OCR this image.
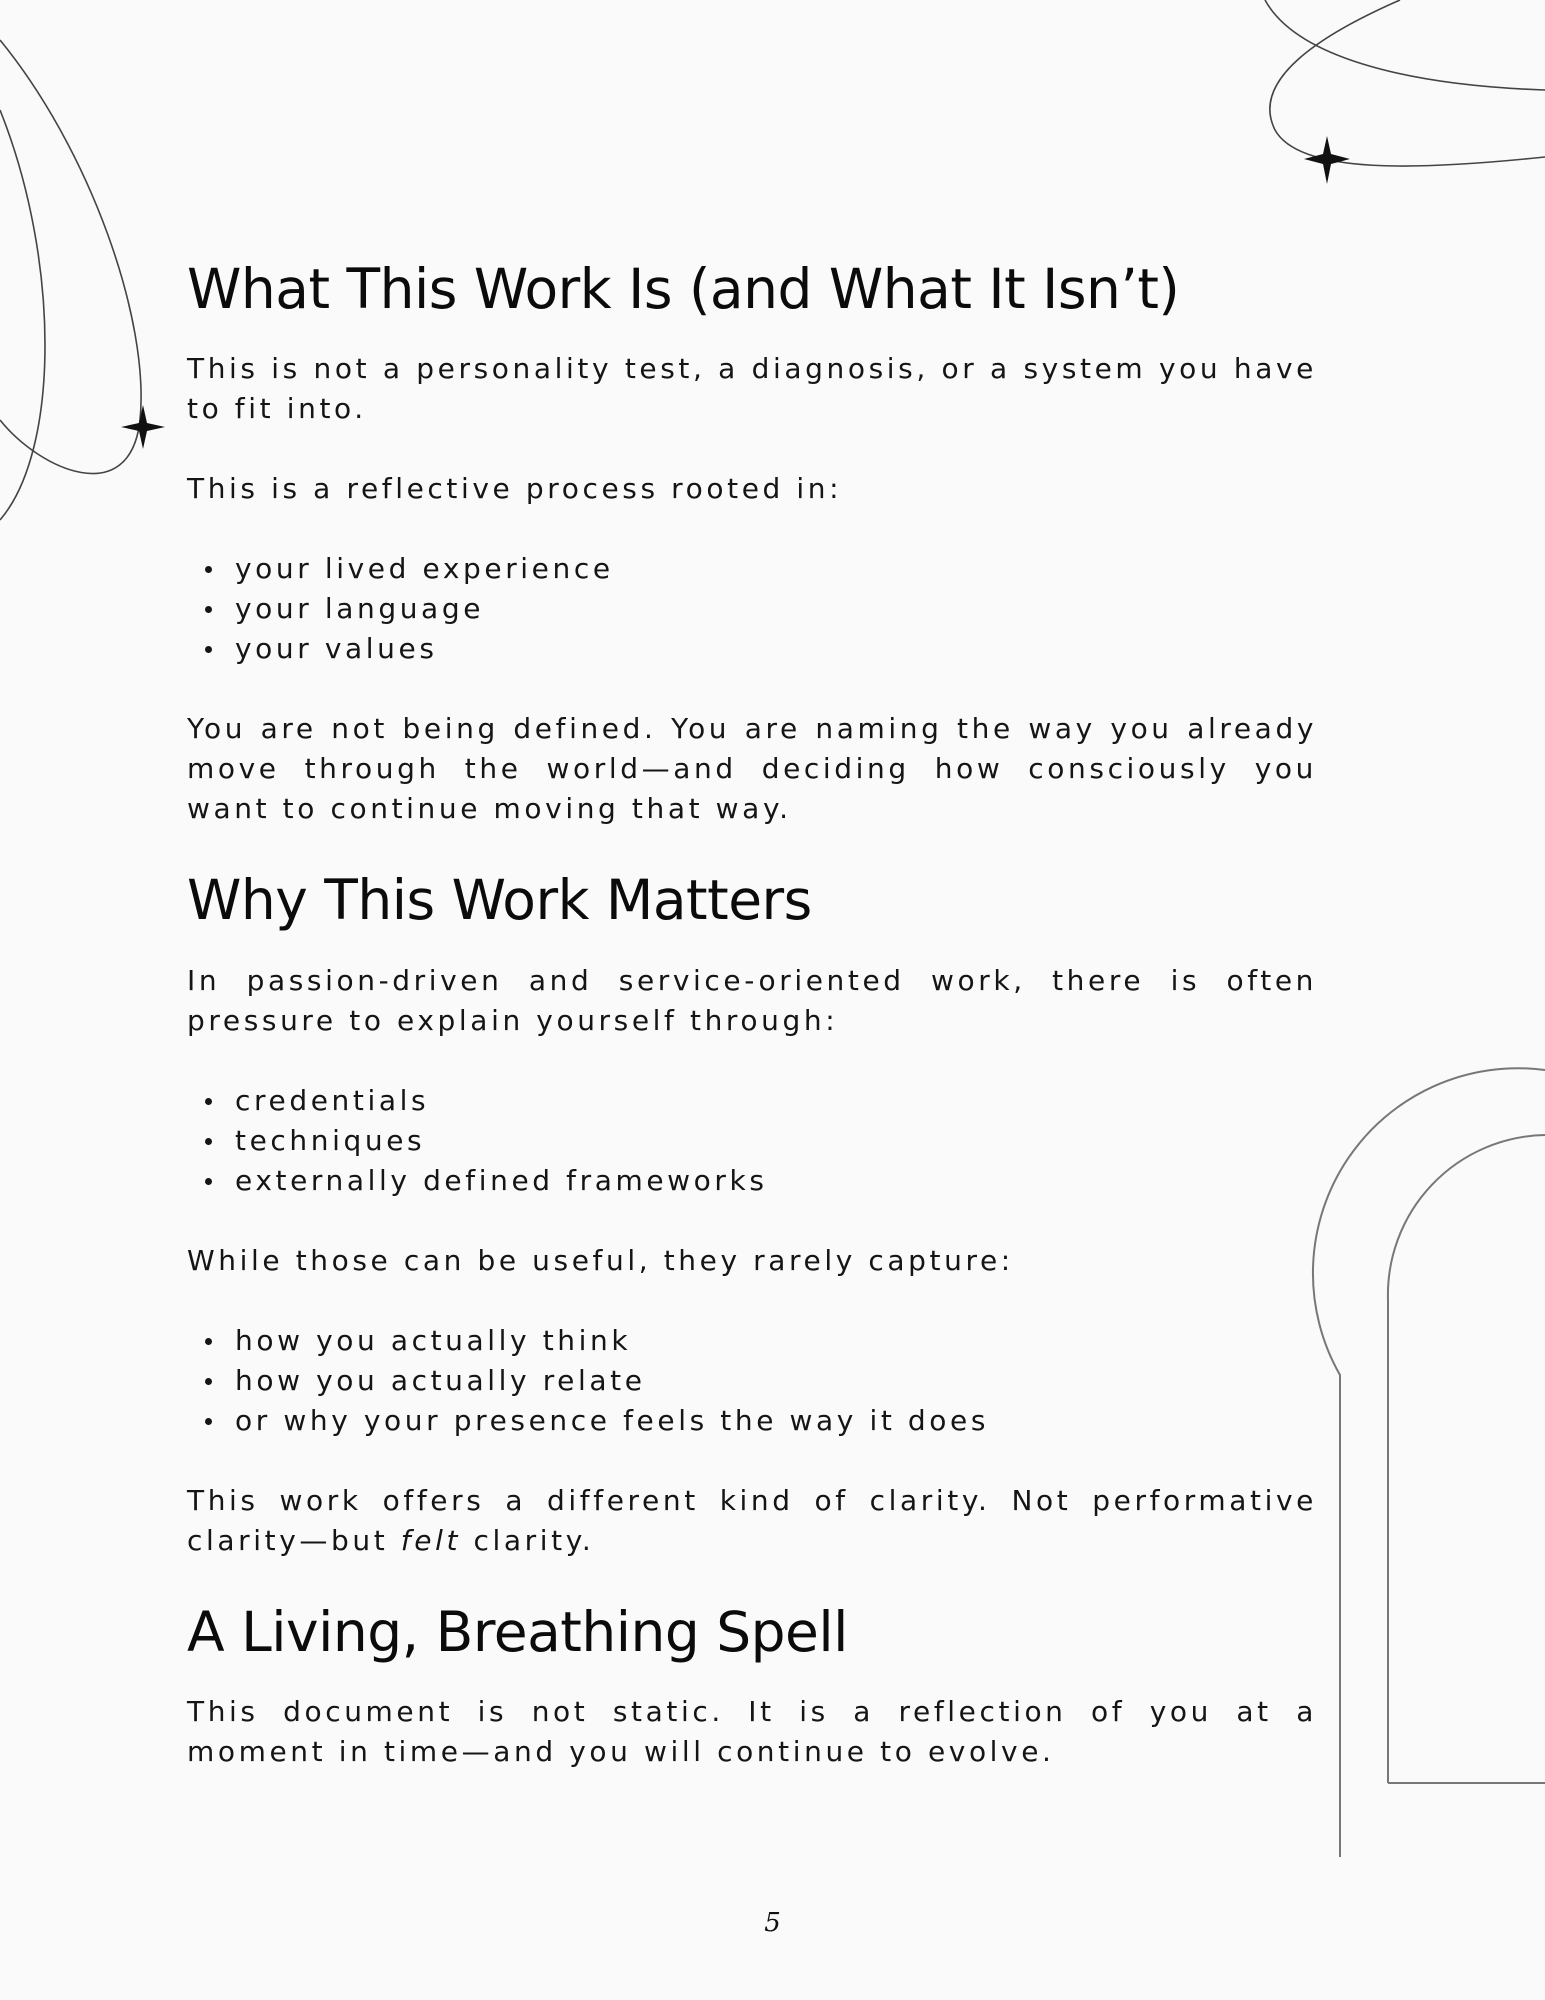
What This Work Is (and What It Isn’t)

This is not a personality test, a diagnosis, or a system you have to fit into.

This is a reflective process rooted in:

your lived experience
your language
your values

You are not being defined. You are naming the way you already move through the world—and deciding how consciously you want to continue moving that way.

Why This Work Matters

In passion-driven and service-oriented work, there is often pressure to explain yourself through:

credentials
techniques
externally defined frameworks

While those can be useful, they rarely capture:

how you actually think
how you actually relate
or why your presence feels the way it does

This work offers a different kind of clarity. Not performative clarity—but felt clarity.

A Living, Breathing Spell

This document is not static. It is a reflection of you at a moment in time—and you will continue to evolve.

5
